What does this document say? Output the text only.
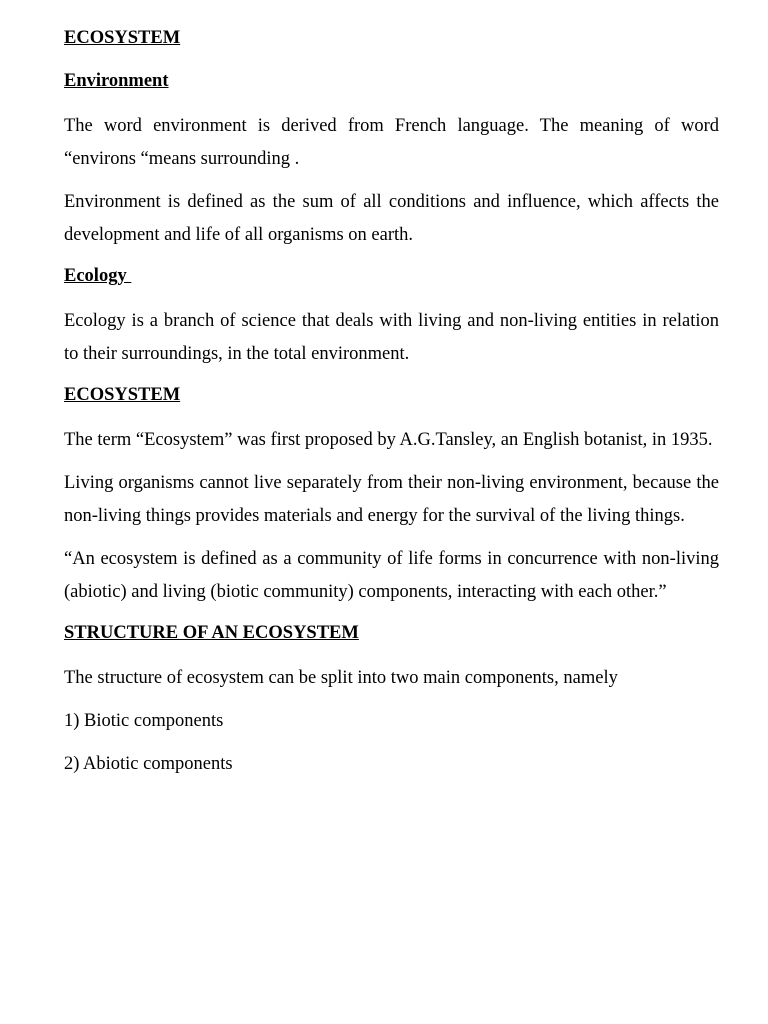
ECOSYSTEM
Environment

The word environment is derived from French language. The meaning of word “environs “means surrounding .

Environment is defined as the sum of all conditions and influence, which affects the development and life of all organisms on earth.

Ecology

Ecology is a branch of science that deals with living and non-living entities in relation to their surroundings, in the total environment.

ECOSYSTEM

The term “Ecosystem” was first proposed by A.G.Tansley, an English botanist, in 1935.

Living organisms cannot live separately from their non-living environment, because the non-living things provides materials and energy for the survival of the living things.

“An ecosystem is defined as a community of life forms in concurrence with non-living (abiotic) and living (biotic community) components, interacting with each other.”

STRUCTURE OF AN ECOSYSTEM

The structure of ecosystem can be split into two main components, namely

1) Biotic components
2) Abiotic components
